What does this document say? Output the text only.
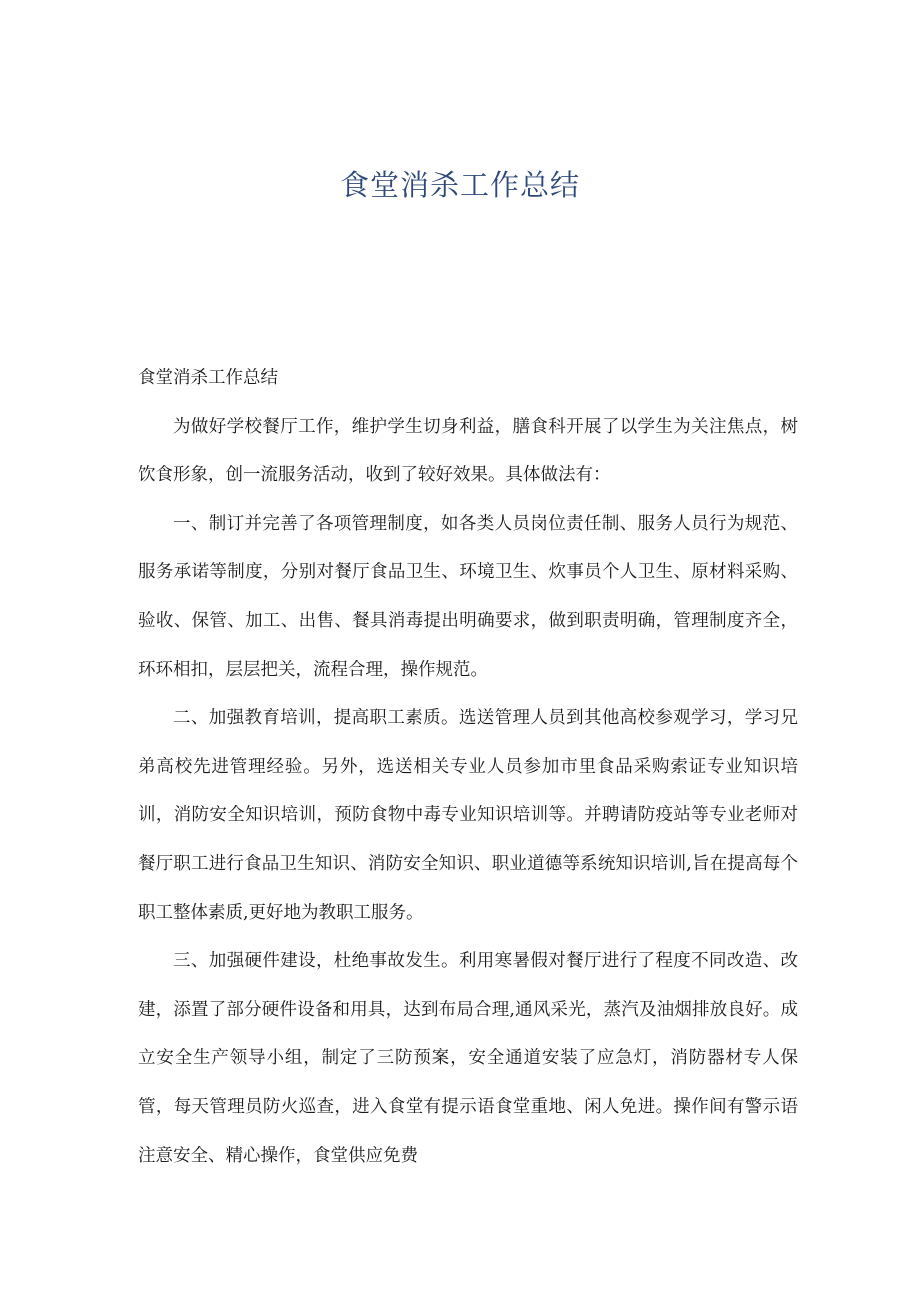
食堂消杀工作总结

食堂消杀工作总结

为做好学校餐厅工作，维护学生切身利益，膳食科开展了以学生为关注焦点，树饮食形象，创一流服务活动，收到了较好效果。具体做法有：

一、制订并完善了各项管理制度，如各类人员岗位责任制、服务人员行为规范、服务承诺等制度，分别对餐厅食品卫生、环境卫生、炊事员个人卫生、原材料采购、验收、保管、加工、出售、餐具消毒提出明确要求，做到职责明确，管理制度齐全，环环相扣，层层把关，流程合理，操作规范。

二、加强教育培训，提高职工素质。选送管理人员到其他高校参观学习，学习兄弟高校先进管理经验。另外，选送相关专业人员参加市里食品采购索证专业知识培训，消防安全知识培训，预防食物中毒专业知识培训等。并聘请防疫站等专业老师对餐厅职工进行食品卫生知识、消防安全知识、职业道德等系统知识培训,旨在提高每个职工整体素质,更好地为教职工服务。

三、加强硬件建设，杜绝事故发生。利用寒暑假对餐厅进行了程度不同改造、改建，添置了部分硬件设备和用具，达到布局合理,通风采光，蒸汽及油烟排放良好。成立安全生产领导小组，制定了三防预案，安全通道安装了应急灯，消防器材专人保管，每天管理员防火巡查，进入食堂有提示语食堂重地、闲人免进。操作间有警示语注意安全、精心操作，食堂供应免费
